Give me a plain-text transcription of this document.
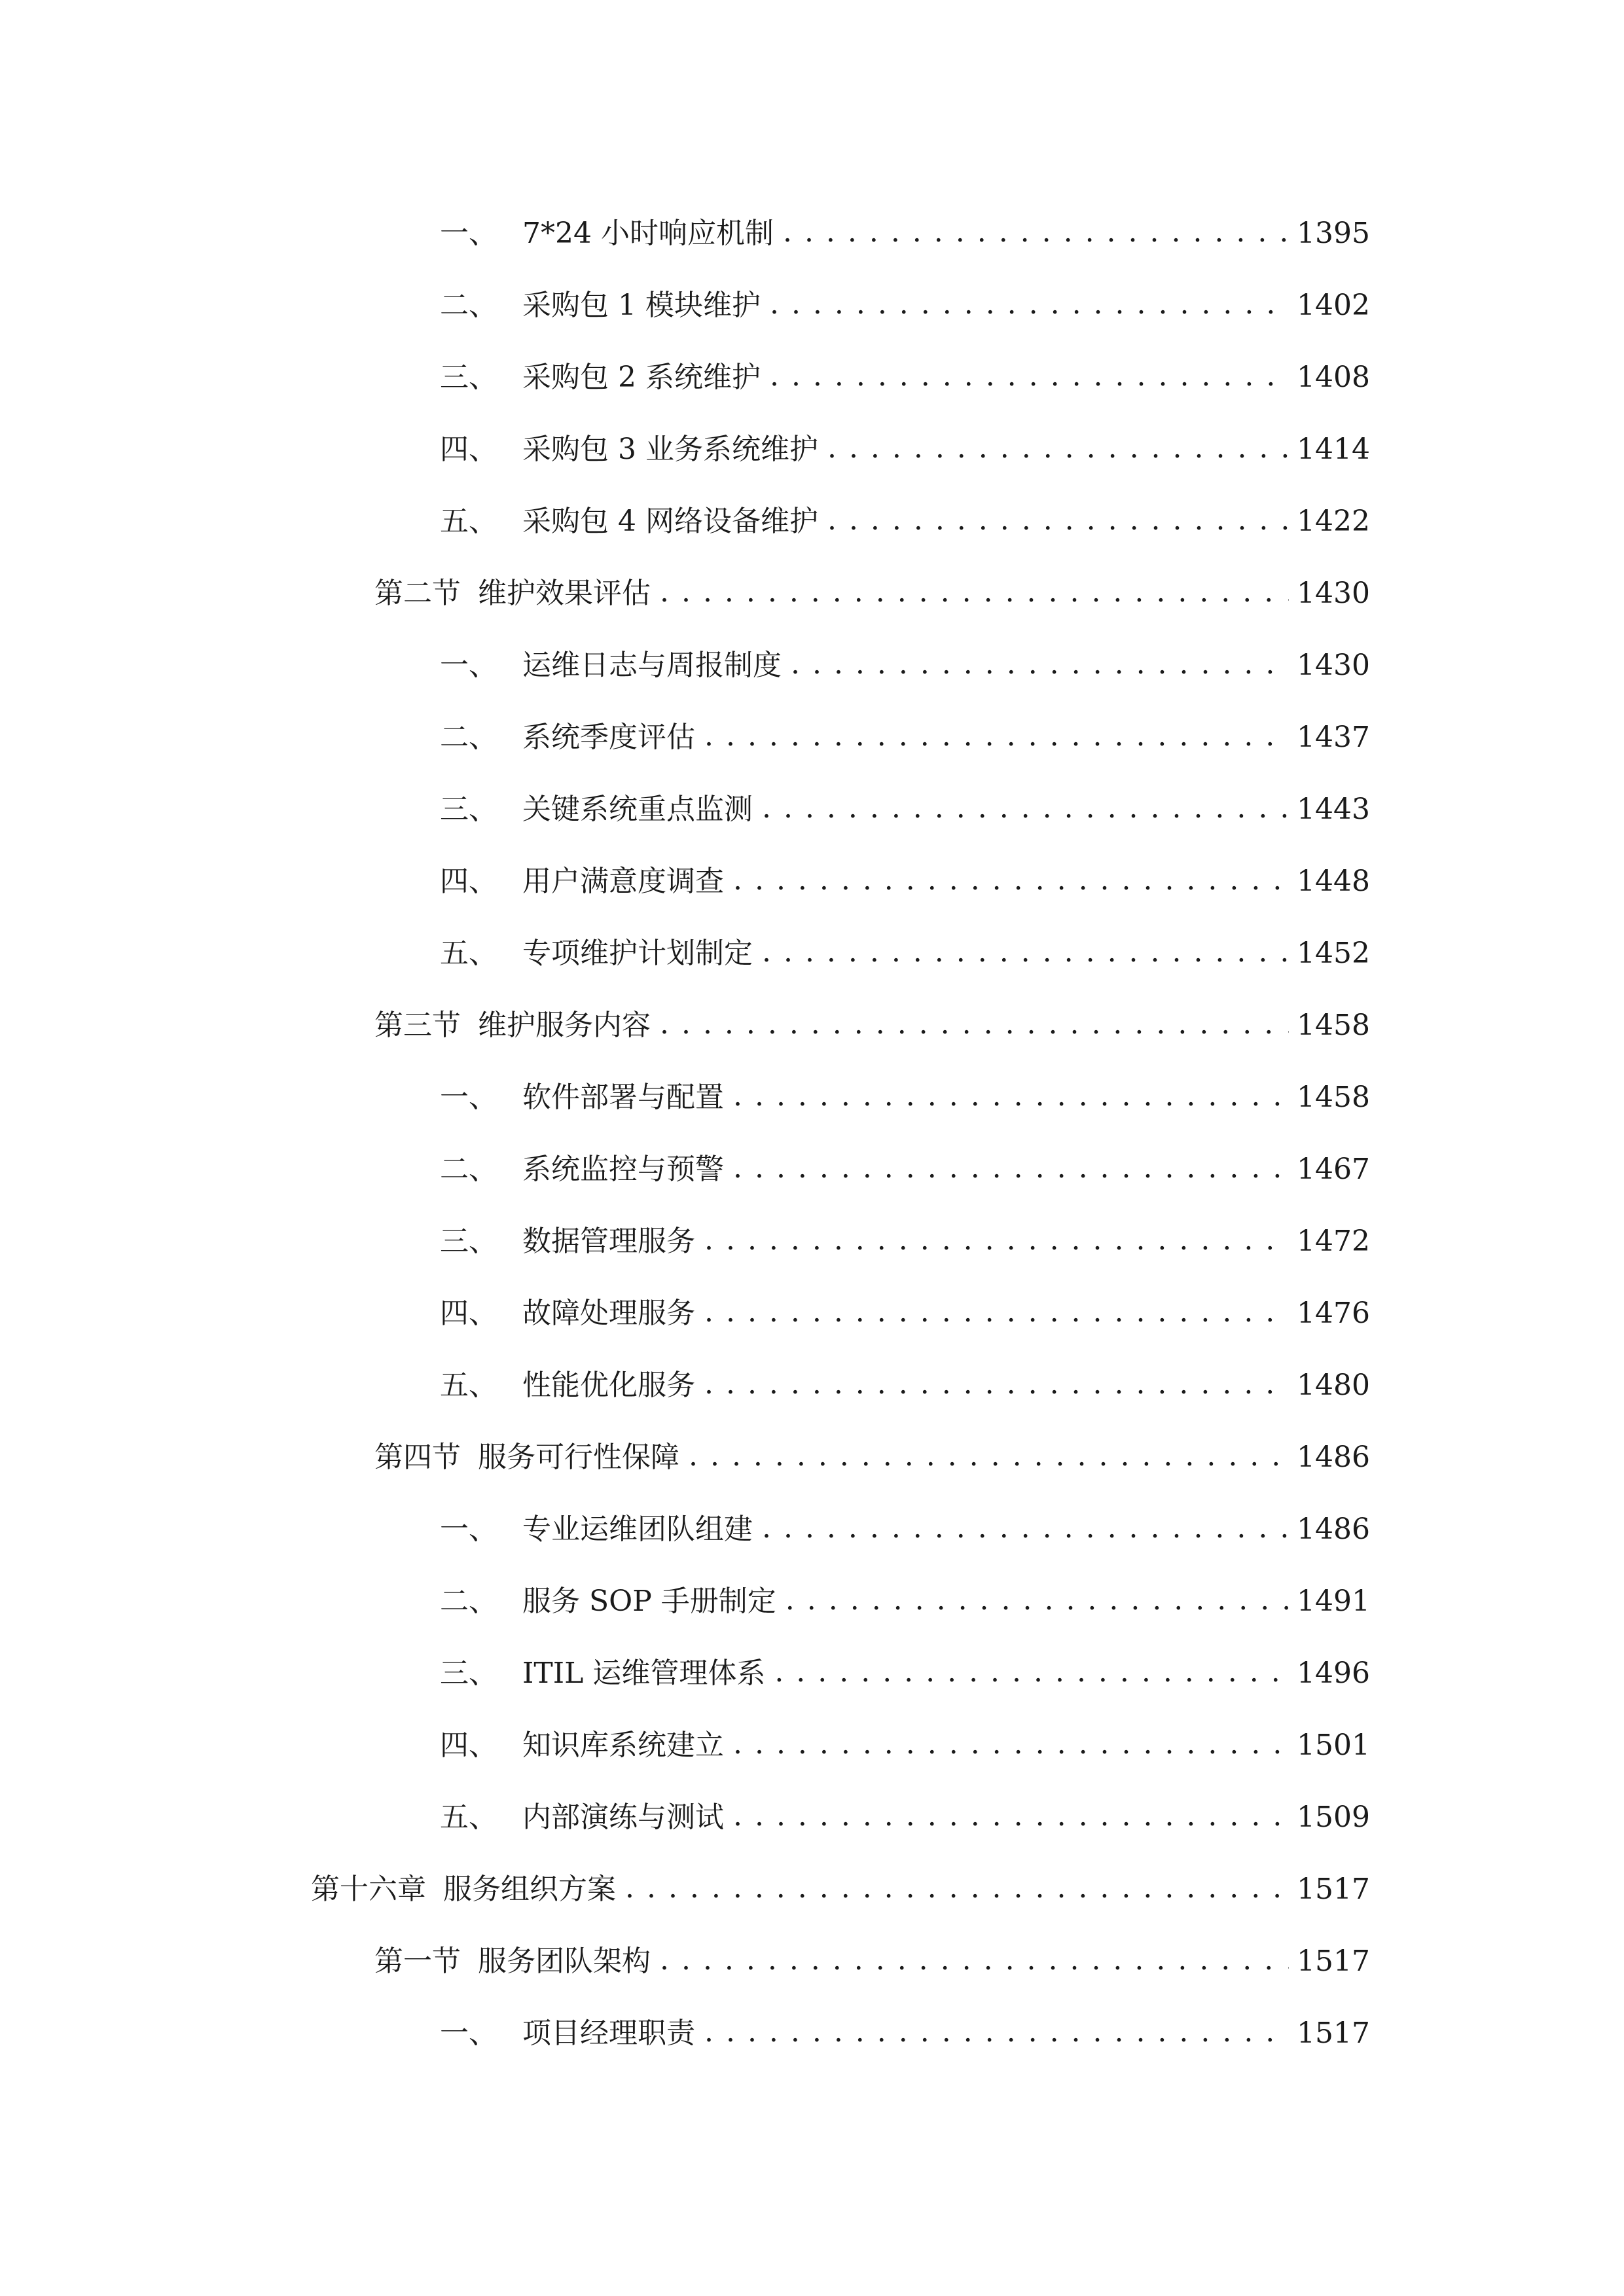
一、 7*24 小时响应机制 . . .	1395
二、 采购包 1 模块维护 . . .	1402
三、 采购包 2 系统维护 . . .	1408
四、 采购包 3 业务系统维护 . . .	1414
五、 采购包 4 网络设备维护 . . .	1422
第二节 维护效果评估 . . .	1430
一、 运维日志与周报制度 . . .	1430
二、 系统季度评估 . . .	1437
三、 关键系统重点监测 . . .	1443
四、 用户满意度调查 . . .	1448
五、 专项维护计划制定 . . .	1452
第三节 维护服务内容 . . .	1458
一、 软件部署与配置 . . .	1458
二、 系统监控与预警 . . .	1467
三、 数据管理服务 . . .	1472
四、 故障处理服务 . . .	1476
五、 性能优化服务 . . .	1480
第四节 服务可行性保障 . . .	1486
一、 专业运维团队组建 . . .	1486
二、 服务 SOP 手册制定 . . .	1491
三、 ITIL 运维管理体系 . . .	1496
四、 知识库系统建立 . . .	1501
五、 内部演练与测试 . . .	1509
第十六章 服务组织方案 . . .	1517
第一节 服务团队架构 . . .	1517
一、 项目经理职责 . . .	1517
